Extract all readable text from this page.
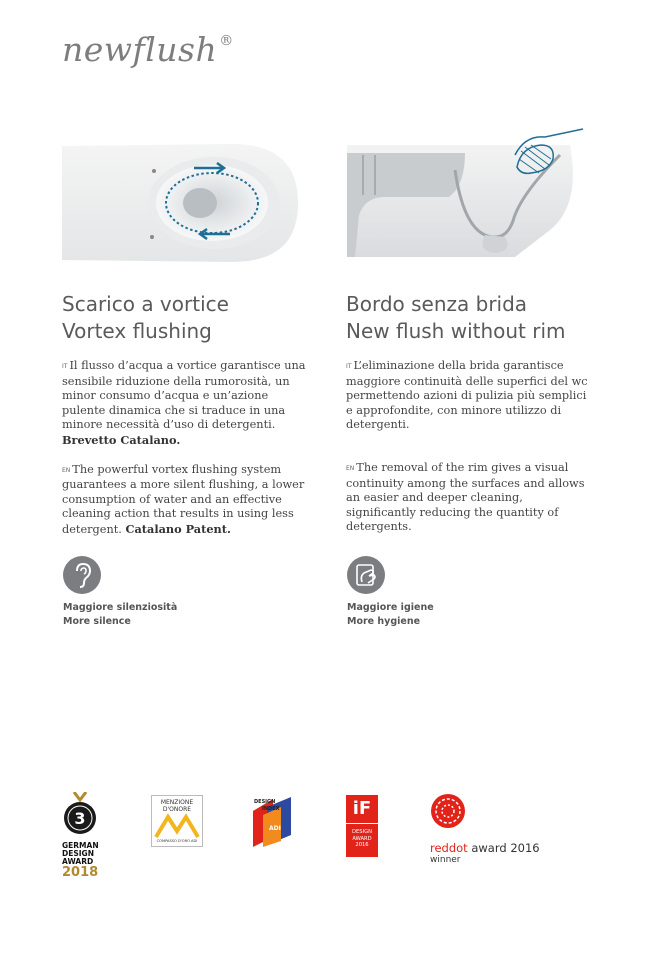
newflush ®
Scarico a vortice
Vortex flushing
IT Il flusso d’acqua a vortice garantisce una sensibile riduzione della rumorosità, un minor consumo d’acqua e un’azione pulente dinamica che si traduce in una minore necessità d’uso di detergenti. Brevetto Catalano.
EN The powerful vortex flushing system guarantees a more silent flushing, a lower consumption of water and an effective cleaning action that results in using less detergent. Catalano Patent.
Bordo senza brida
New flush without rim
IT L’eliminazione della brida garantisce maggiore continuità delle superfici del wc permettendo azioni di pulizia più semplici e approfondite, con minore utilizzo di detergenti.
EN The removal of the rim gives a visual continuity among the surfaces and allows an easier and deeper cleaning, significantly reducing the quantity of detergents.
Maggiore silenziosità
More silence
Maggiore igiene
More hygiene
3
GERMAN
DESIGN
AWARD
2018
MENZIONE
D'ONORE
COMPASSO D'ORO ADI
DESIGN
INDEX
ADI
iF
DESIGN
AWARD
2016	reddot award 2016
winner
